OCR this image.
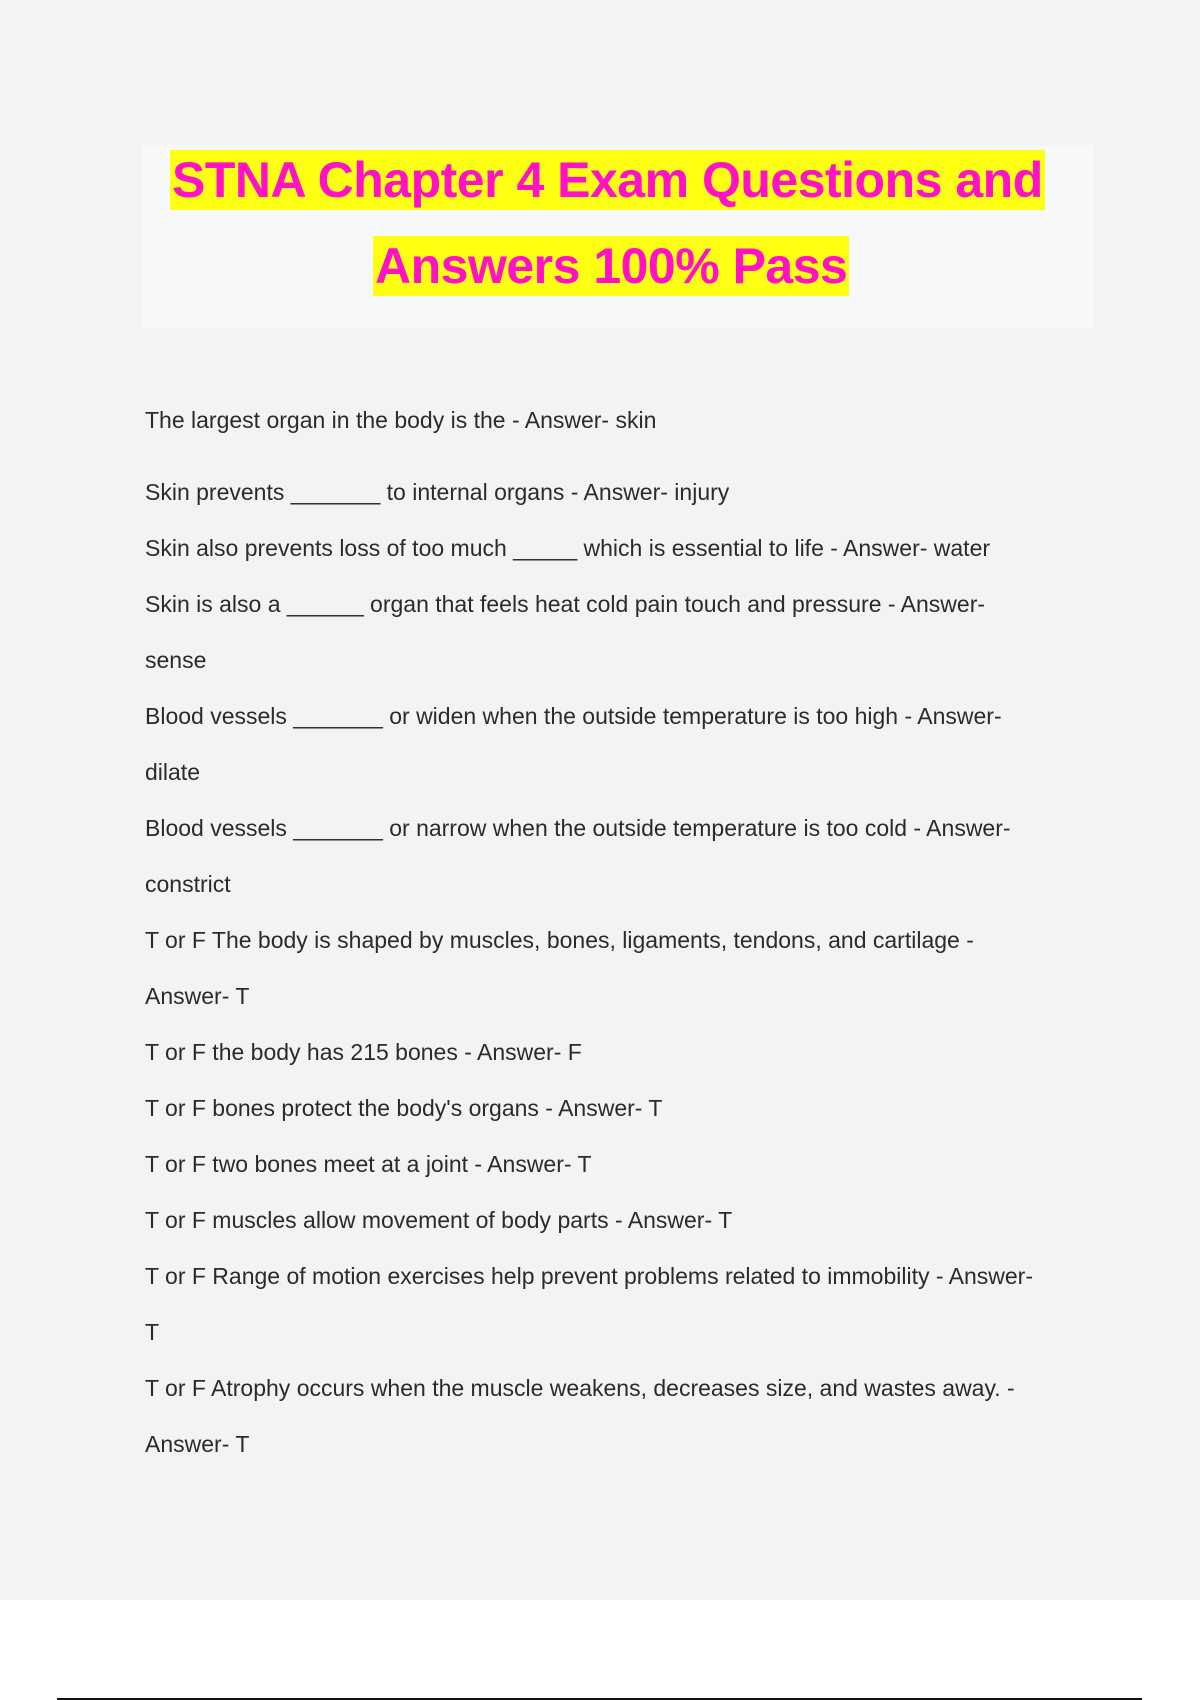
STNA Chapter 4 Exam Questions and
Answers 100% Pass
The largest organ in the body is the - Answer- skin
Skin prevents _______ to internal organs - Answer- injury
Skin also prevents loss of too much _____ which is essential to life - Answer- water
Skin is also a ______ organ that feels heat cold pain touch and pressure - Answer-
sense
Blood vessels _______ or widen when the outside temperature is too high - Answer-
dilate
Blood vessels _______ or narrow when the outside temperature is too cold - Answer-
constrict
T or F The body is shaped by muscles, bones, ligaments, tendons, and cartilage -
Answer- T
T or F the body has 215 bones - Answer- F
T or F bones protect the body's organs - Answer- T
T or F two bones meet at a joint - Answer- T
T or F muscles allow movement of body parts - Answer- T
T or F Range of motion exercises help prevent problems related to immobility - Answer-
T
T or F Atrophy occurs when the muscle weakens, decreases size, and wastes away. -
Answer- T
